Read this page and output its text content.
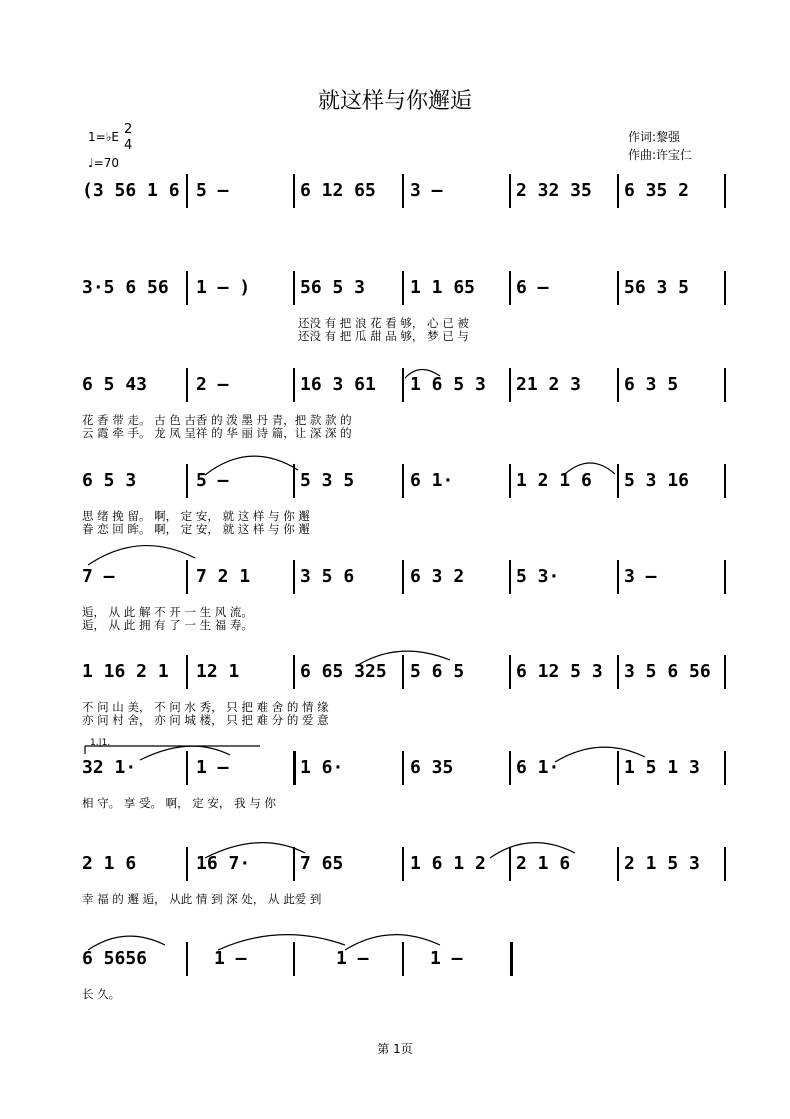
就这样与你邂逅
1=♭E 2
4
♩=70
作词:黎强
作曲:许宝仁
(3 56 1 6 5 –	6 12 65 3 –	2 32 35 6 35 2
3·5 6 56 1 – )	56 5 3 1 1 65 6 –	56 3 5
还没 有 把 浪 花 看 够， 心 已 被
还没 有 把 瓜 甜 品 够， 梦 已 与
6 5 43	2 –	16 3 61 1 6 5 3 21 2 3 6 3 5
花 香 带 走。 古 色 古香 的 泼 墨 丹 青，把 款 款 的
云 霞 牵 手。 龙 凤 呈祥 的 华 丽 诗 篇，让 深 深 的
6 5 3	5 –	5 3 5	6 1·	1 2 1 6 5 3 16
思 绪 挽 留。 啊， 定 安， 就 这 样 与 你 邂
眷 恋 回 眸。 啊， 定 安， 就 这 样 与 你 邂
7 –	7 2 1	3 5 6	6 3 2	5 3·	3 –
逅， 从 此 解 不 开 一 生 风 流。
逅， 从 此 拥 有 了 一 生 福 寿。
1 16 2 1 12 1	6 65 325 5 6 5	6 12 5 3 3 5 6 56
不 问 山 美， 不 问 水 秀， 只 把 难 舍 的 情 缘
亦 问 村 舍， 亦 问 城 楼， 只 把 难 分 的 爱 意
32 1·	1 –	1 6·	6 35	6 1·	1 5 1 3
相 守。 享 受。 啊， 定 安， 我 与 你
2 1 6	16 7·	7 65	1 6 1 2 2 1 6	2 1 5 3
幸 福 的 邂 逅， 从此 情 到 深 处， 从 此爱 到
6 5656	1 –	1 –	1 –
长 久。
1.|1.
第 1页
